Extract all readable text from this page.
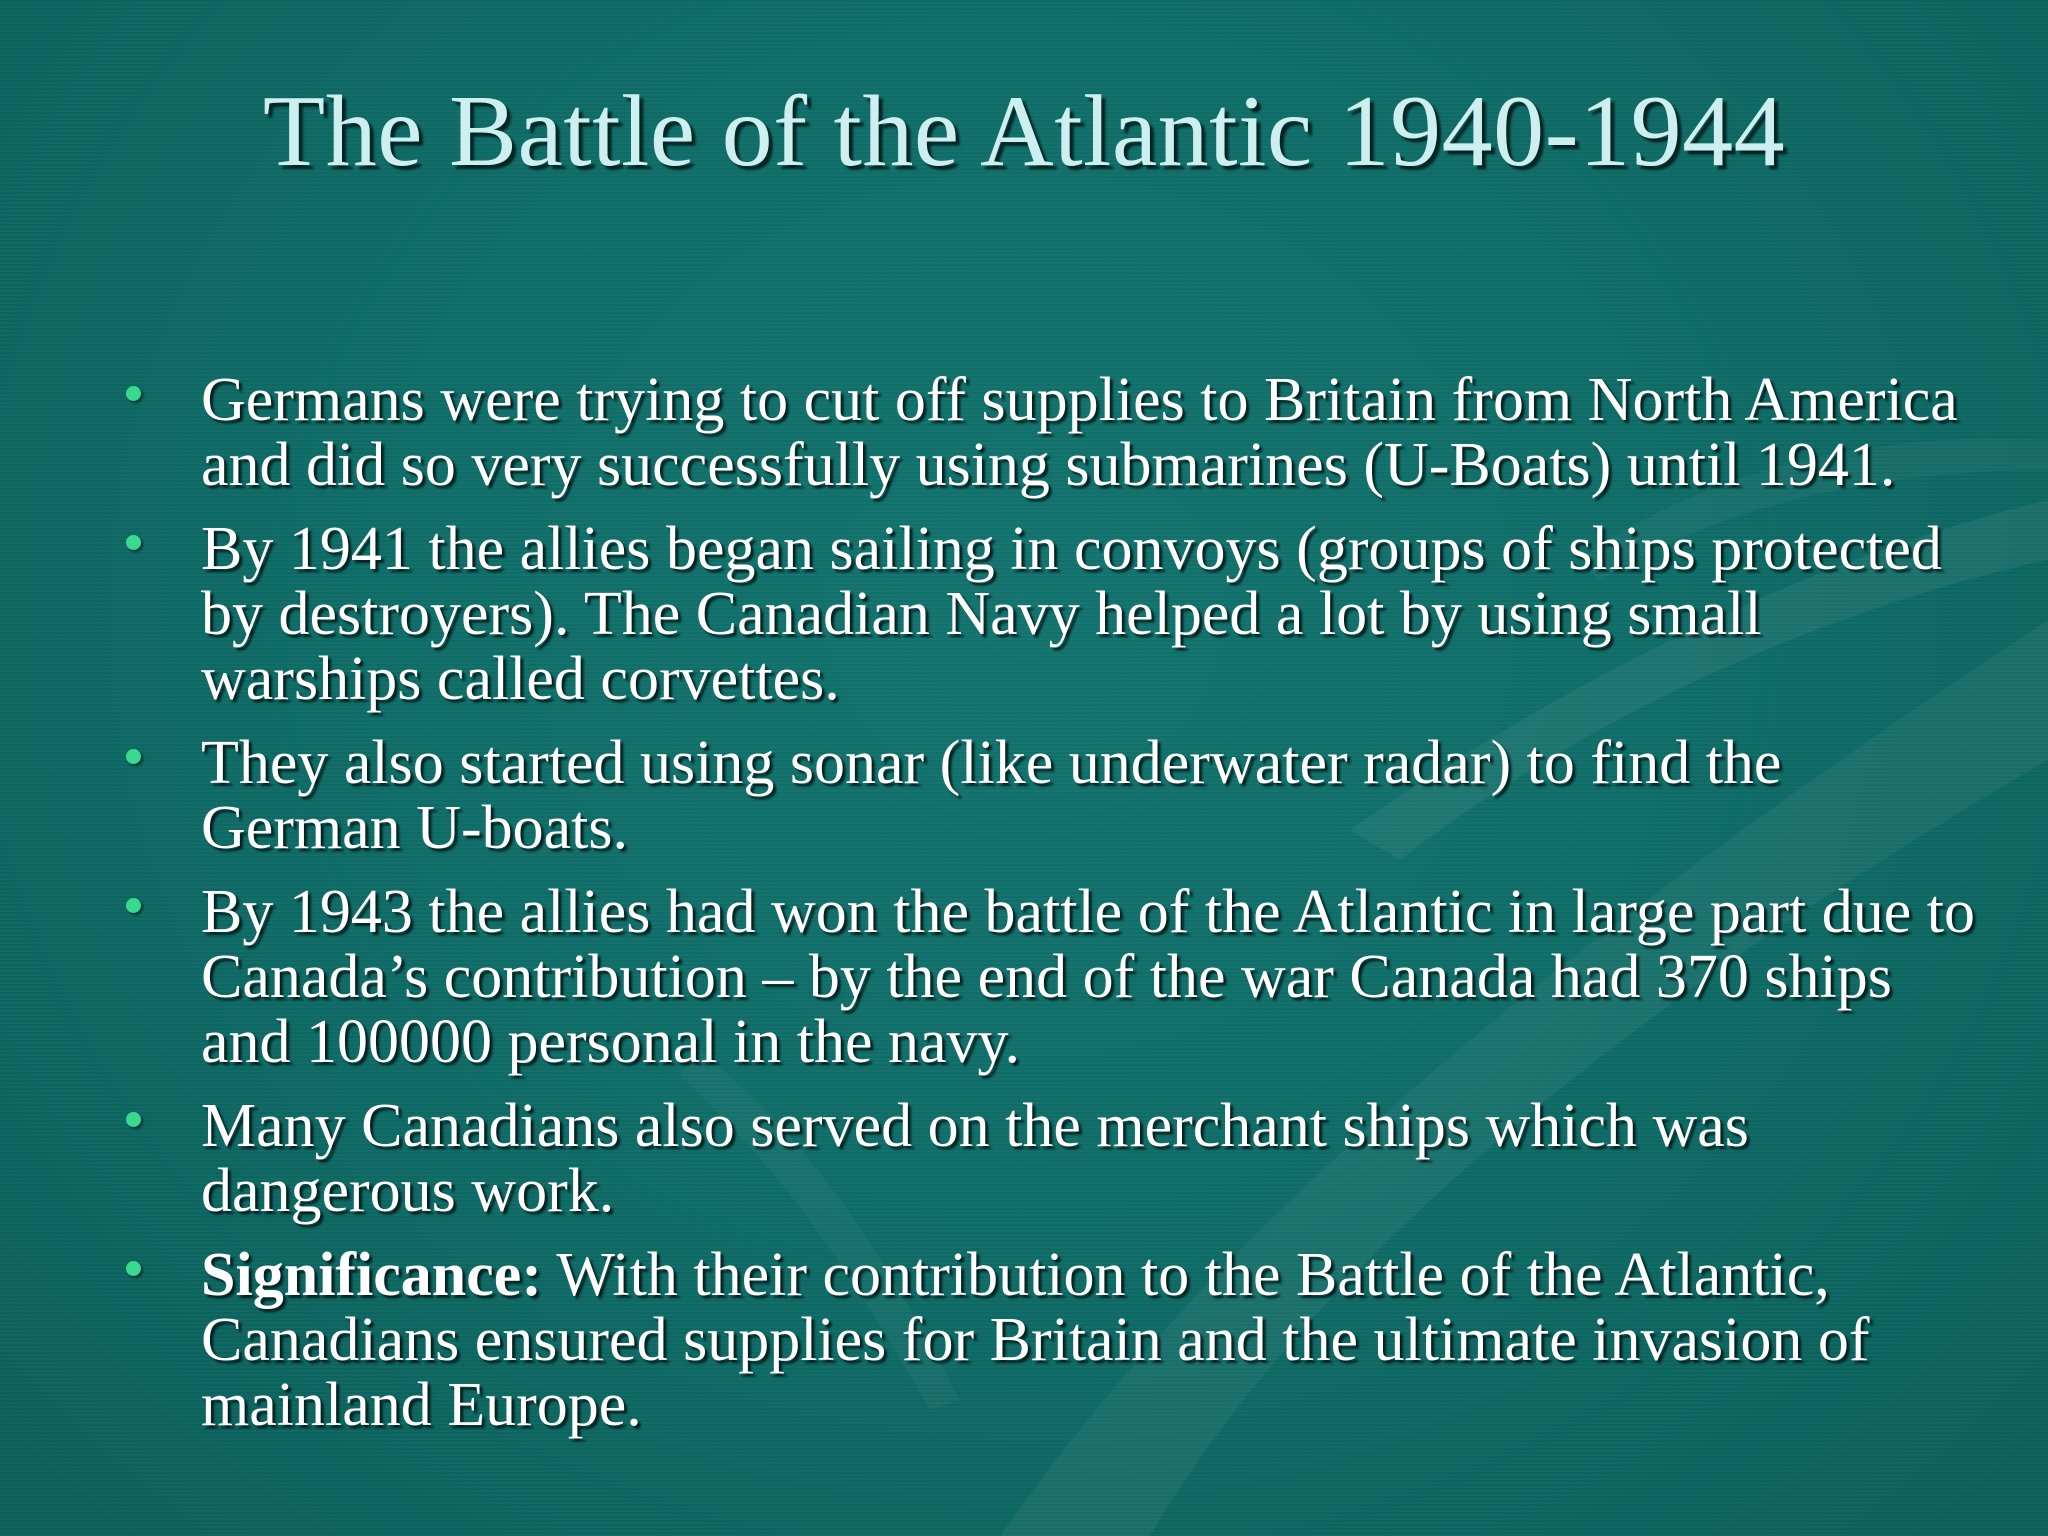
The Battle of the Atlantic 1940-1944
Germans were trying to cut off supplies to Britain from North America and did so very successfully using submarines (U-Boats) until 1941.
By 1941 the allies began sailing in convoys (groups of ships protected by destroyers). The Canadian Navy helped a lot by using small warships called corvettes.
They also started using sonar (like underwater radar) to find the German U-boats.
By 1943 the allies had won the battle of the Atlantic in large part due to Canada’s contribution – by the end of the war Canada had 370 ships and 100000 personal in the navy.
Many Canadians also served on the merchant ships which was dangerous work.
Significance: With their contribution to the Battle of the Atlantic, Canadians ensured supplies for Britain and the ultimate invasion of mainland Europe.
